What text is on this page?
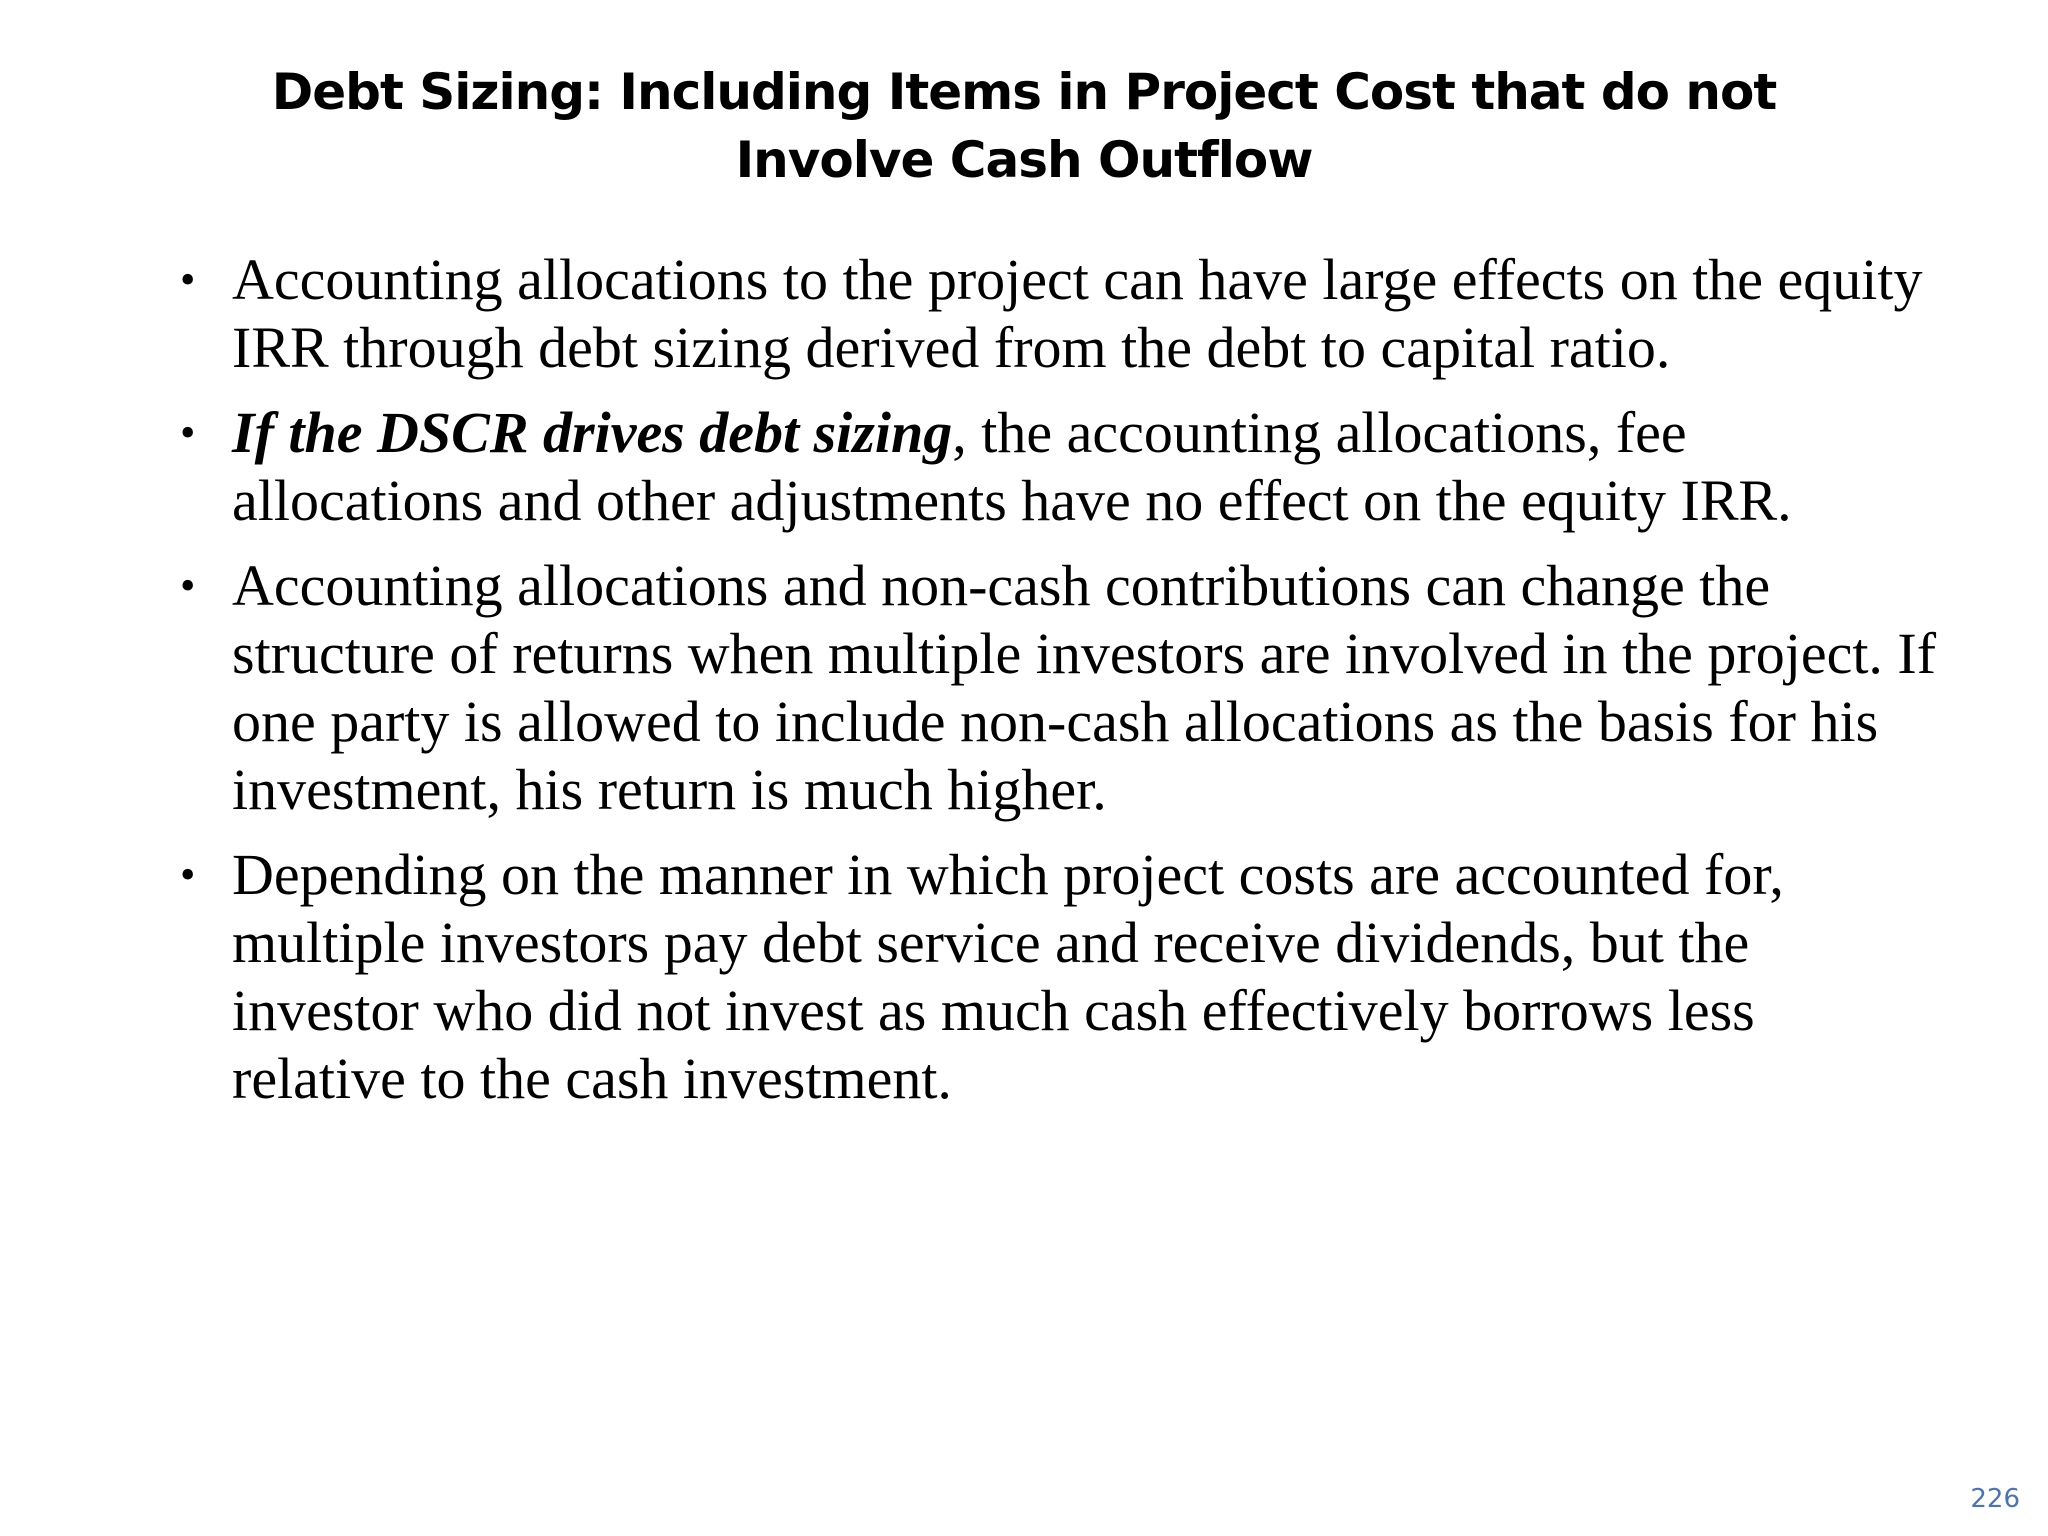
Debt Sizing: Including Items in Project Cost that do not
Involve Cash Outflow
• Accounting allocations to the project can have large effects on the equity IRR through debt sizing derived from the debt to capital ratio.
• If the DSCR drives debt sizing, the accounting allocations, fee allocations and other adjustments have no effect on the equity IRR.
• Accounting allocations and non-cash contributions can change the structure of returns when multiple investors are involved in the project. If one party is allowed to include non-cash allocations as the basis for his investment, his return is much higher.
• Depending on the manner in which project costs are accounted for, multiple investors pay debt service and receive dividends, but the investor who did not invest as much cash effectively borrows less relative to the cash investment.
226
